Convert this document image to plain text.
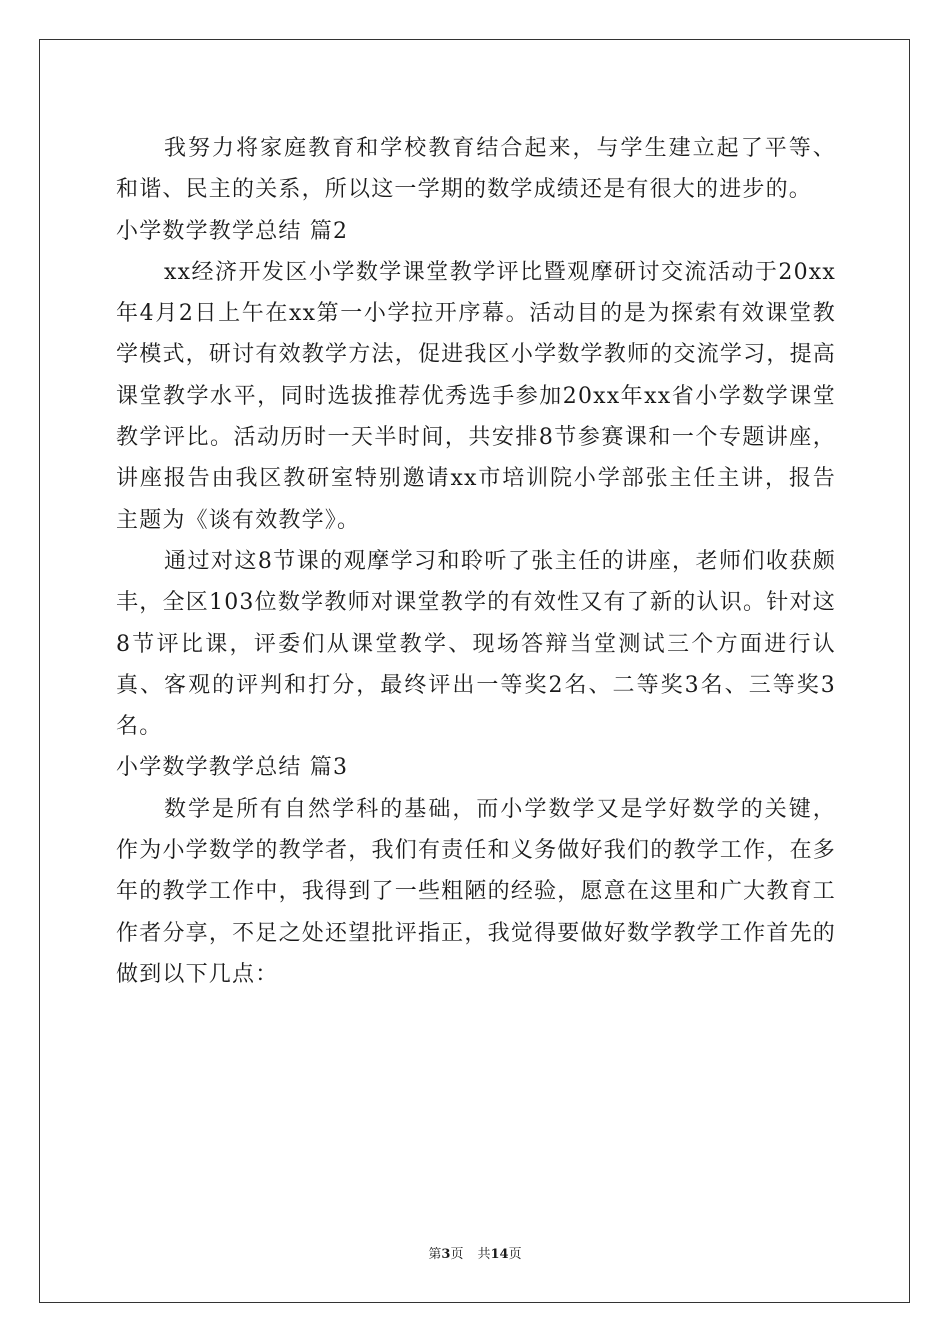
我努力将家庭教育和学校教育结合起来，与学生建立起了平等、和谐、民主的关系，所以这一学期的数学成绩还是有很大的进步的。

小学数学教学总结 篇2

xx经济开发区小学数学课堂教学评比暨观摩研讨交流活动于20xx年4月2日上午在xx第一小学拉开序幕。活动目的是为探索有效课堂教学模式，研讨有效教学方法，促进我区小学数学教师的交流学习，提高课堂教学水平，同时选拔推荐优秀选手参加20xx年xx省小学数学课堂教学评比。活动历时一天半时间，共安排8节参赛课和一个专题讲座，讲座报告由我区教研室特别邀请xx市培训院小学部张主任主讲，报告主题为《谈有效教学》。

通过对这8节课的观摩学习和聆听了张主任的讲座，老师们收获颇丰，全区103位数学教师对课堂教学的有效性又有了新的认识。针对这8节评比课，评委们从课堂教学、现场答辩当堂测试三个方面进行认真、客观的评判和打分，最终评出一等奖2名、二等奖3名、三等奖3名。

小学数学教学总结 篇3

数学是所有自然学科的基础，而小学数学又是学好数学的关键，作为小学数学的教学者，我们有责任和义务做好我们的教学工作，在多年的教学工作中，我得到了一些粗陋的经验，愿意在这里和广大教育工作者分享，不足之处还望批评指正，我觉得要做好数学教学工作首先的做到以下几点：

第3页 共14页
